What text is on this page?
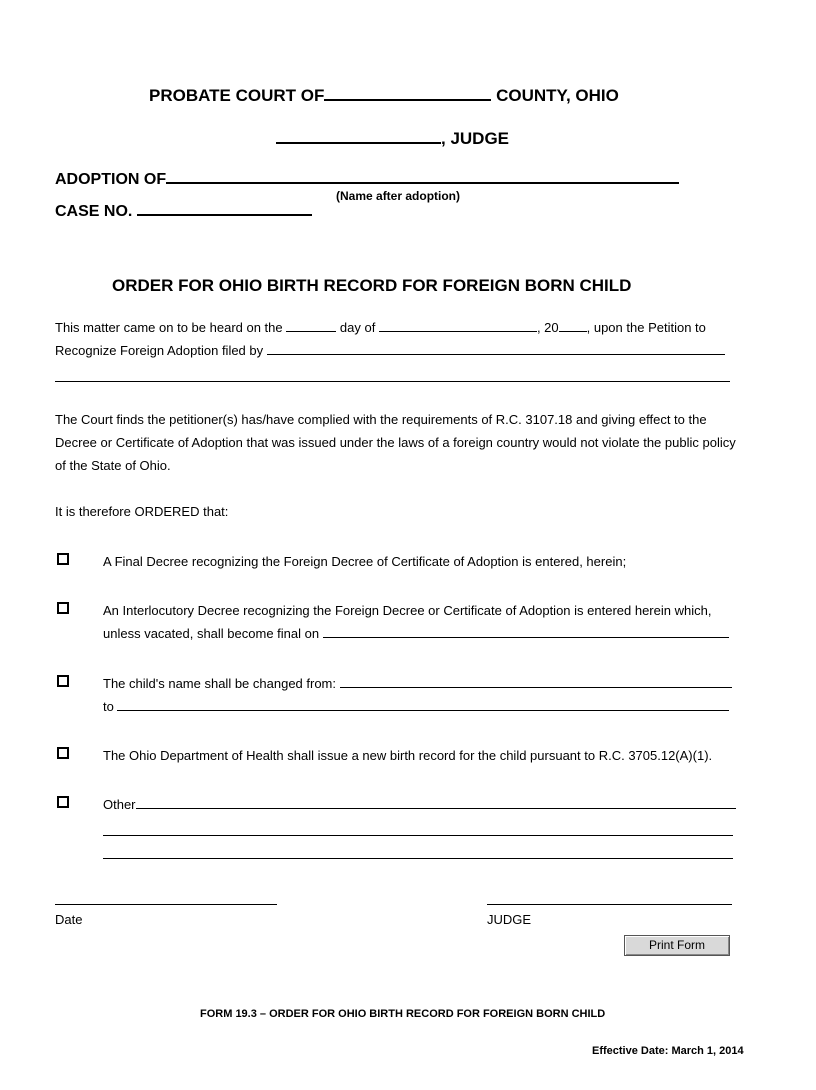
PROBATE COURT OF	COUNTY, OHIO
, JUDGE
ADOPTION OF
(Name after adoption)
CASE NO.
ORDER FOR OHIO BIRTH RECORD FOR FOREIGN BORN CHILD
This matter came on to be heard on the	day of	, 20 , upon the Petition to
Recognize Foreign Adoption filed by
The Court finds the petitioner(s) has/have complied with the requirements of R.C. 3107.18 and giving effect to the
Decree or Certificate of Adoption that was issued under the laws of a foreign country would not violate the public policy
of the State of Ohio.
It is therefore ORDERED that:
A Final Decree recognizing the Foreign Decree of Certificate of Adoption is entered, herein;
An Interlocutory Decree recognizing the Foreign Decree or Certificate of Adoption is entered herein which,
unless vacated, shall become final on
The child's name shall be changed from:
to
The Ohio Department of Health shall issue a new birth record for the child pursuant to R.C. 3705.12(A)(1).
Other
Date	JUDGE
Print Form
FORM 19.3 – ORDER FOR OHIO BIRTH RECORD FOR FOREIGN BORN CHILD
Effective Date: March 1, 2014
